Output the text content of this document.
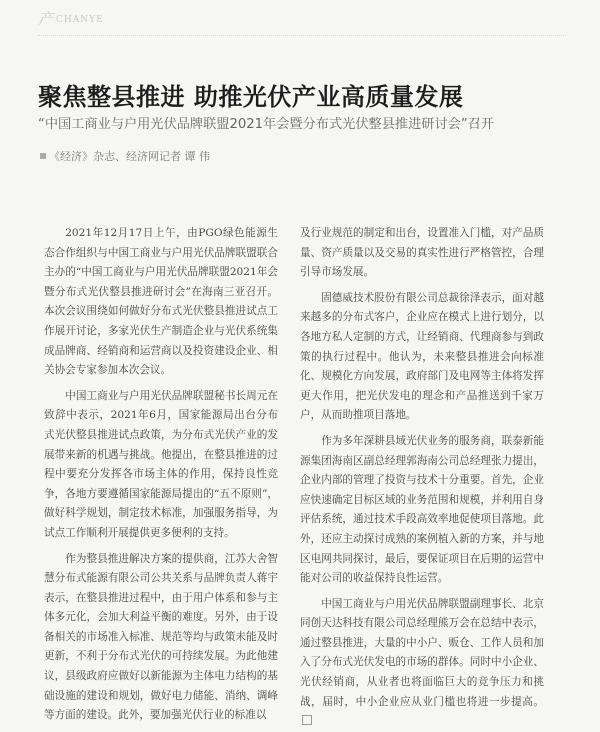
产CHANYE
聚焦整县推进 助推光伏产业高质量发展
“中国工商业与户用光伏品牌联盟2021年会暨分布式光伏整县推进研讨会”召开
《经济》杂志、经济网记者 谭 伟

2021年12月17日上午，由PGO绿色能源生态合作组织与中国工商业与户用光伏品牌联盟联合主办的“中国工商业与户用光伏品牌联盟2021年会暨分布式光伏整县推进研讨会”在海南三亚召开。本次会议围绕如何做好分布式光伏整县推进试点工作展开讨论，多家光伏生产制造企业与光伏系统集成品牌商、经销商和运营商以及投资建设企业、相关协会专家参加本次会议。

中国工商业与户用光伏品牌联盟秘书长周元在致辞中表示，2021年6月，国家能源局出台分布式光伏整县推进试点政策，为分布式光伏产业的发展带来新的机遇与挑战。他提出，在整县推进的过程中要充分发挥各市场主体的作用，保持良性竞争，各地方要遵循国家能源局提出的“五不原则”，做好科学规划，制定技术标准，加强服务指导，为试点工作顺利开展提供更多便利的支持。

作为整县推进解决方案的提供商，江苏大舍智慧分布式能源有限公司公共关系与品牌负责人蒋宇表示，在整县推进过程中，由于用户体系和参与主体多元化，会加大利益平衡的难度。另外，由于设备相关的市场准入标准、规范等均与政策未能及时更新，不利于分布式光伏的可持续发展。为此他建议，县级政府应做好以新能源为主体电力结构的基础设施的建设和规划，做好电力储能、消纳、调峰等方面的建设。此外，要加强光伏行业的标准以

及行业规范的制定和出台，设置准入门槛，对产品质量、资产质量以及交易的真实性进行严格管控，合理引导市场发展。

固德威技术股份有限公司总裁徐泽表示，面对越来越多的分布式客户，企业应在模式上进行划分，以各地方私人定制的方式，让经销商、代理商参与到政策的执行过程中。他认为，未来整县推进会向标准化、规模化方向发展，政府部门及电网等主体将发挥更大作用，把光伏发电的理念和产品推送到千家万户，从而助推项目落地。

作为多年深耕县域光伏业务的服务商，联泰新能源集团海南区副总经理郭海南公司总经理张力提出，企业内部的管理了投资与技术十分重要。首先，企业应快速确定目标区域的业务范围和规模，并利用自身评估系统，通过技术手段高效率地促使项目落地。此外，还应主动探讨成熟的案例植入新的方案，并与地区电网共同探讨，最后，要保证项目在后期的运营中能对公司的收益保持良性运营。

中国工商业与户用光伏品牌联盟副理事长、北京同创天达科技有限公司总经理熊万会在总结中表示，通过整县推进，大量的中小户、贩仓、工作人员和加入了分布式光伏发电的市场的群体。同时中小企业、光伏经销商，从业者也将面临巨大的竞争压力和挑战，届时，中小企业应从业门槛也将进一步提高。
